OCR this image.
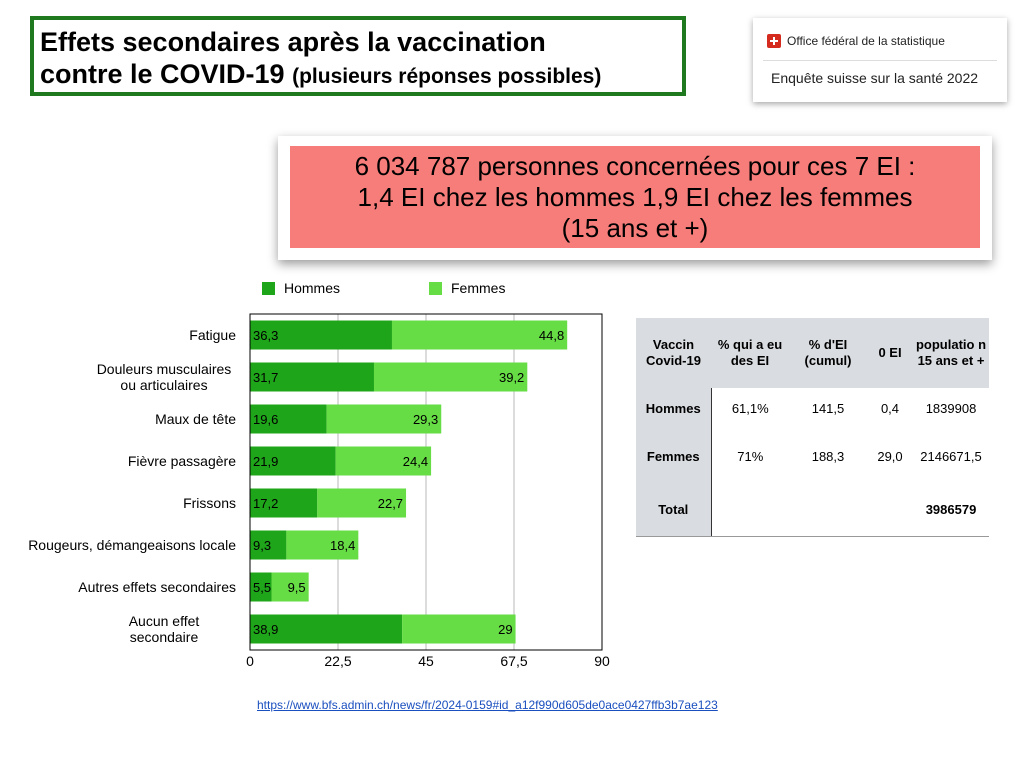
Effets secondaires après la vaccination
contre le COVID-19 (plusieurs réponses possibles)
Office fédéral de la statistique
Enquête suisse sur la santé 2022
6 034 787 personnes concernées pour ces 7 EI :
1,4 EI chez les hommes 1,9 EI chez les femmes
(15 ans et +)
Hommes	Femmes
36,3	44,8
Fatigue
31,7	39,2
Douleurs musculaires ou articulaires
19,6	29,3
Maux de tête
21,9	24,4
Fièvre passagère
17,2	22,7
Frissons
9,3	18,4
Rougeurs, démangeaisons locale
5,5 9,5
Autres effets secondaires
38,9	29
Aucun effet secondaire
0	22,5	45	67,5	90
Vaccin Covid-19	% qui a eu des EI	% d'EI (cumul)	0 EI	populatio n 15 ans et +
Hommes	61,1%	141,5	0,4	1839908
Femmes	71%	188,3	29,0	2146671,5
Total				3986579
https://www.bfs.admin.ch/news/fr/2024-0159#id_a12f990d605de0ace0427ffb3b7ae123
